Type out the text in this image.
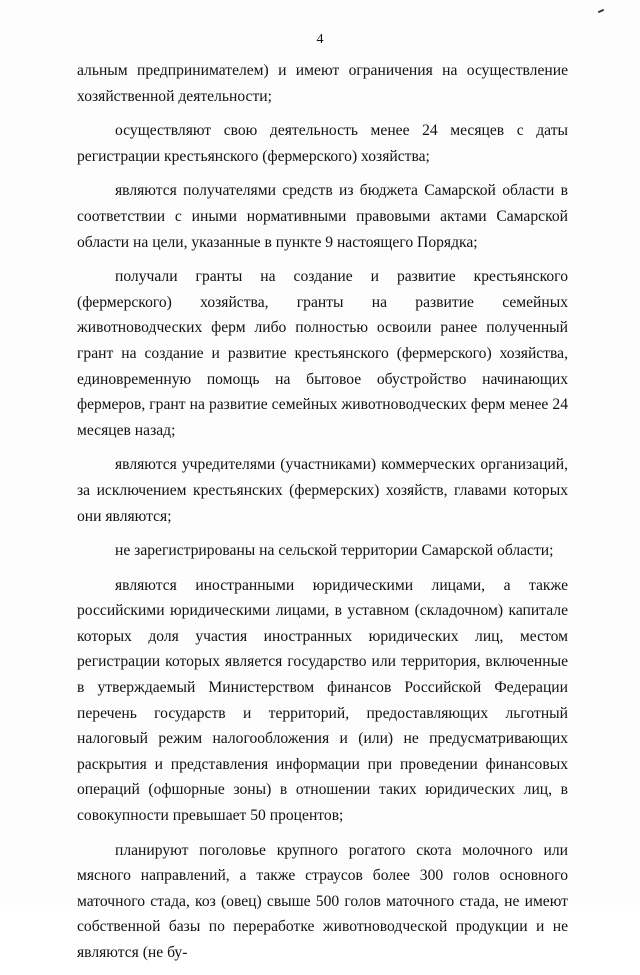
4

альным предпринимателем) и имеют ограничения на осуществление хозяйственной деятельности;

осуществляют свою деятельность менее 24 месяцев с даты регистрации крестьянского (фермерского) хозяйства;

являются получателями средств из бюджета Самарской области в соответствии с иными нормативными правовыми актами Самарской области на цели, указанные в пункте 9 настоящего Порядка;

получали гранты на создание и развитие крестьянского (фермерского) хозяйства, гранты на развитие семейных животноводческих ферм либо полностью освоили ранее полученный грант на создание и развитие крестьянского (фермерского) хозяйства, единовременную помощь на бытовое обустройство начинающих фермеров, грант на развитие семейных животноводческих ферм менее 24 месяцев назад;

являются учредителями (участниками) коммерческих организаций, за исключением крестьянских (фермерских) хозяйств, главами которых они являются;

не зарегистрированы на сельской территории Самарской области;

являются иностранными юридическими лицами, а также российскими юридическими лицами, в уставном (складочном) капитале которых доля участия иностранных юридических лиц, местом регистрации которых является государство или территория, включенные в утверждаемый Министерством финансов Российской Федерации перечень государств и территорий, предоставляющих льготный налоговый режим налогообложения и (или) не предусматривающих раскрытия и представления информации при проведении финансовых операций (офшорные зоны) в отношении таких юридических лиц, в совокупности превышает 50 процентов;

планируют поголовье крупного рогатого скота молочного или мясного направлений, а также страусов более 300 голов основного маточного стада, коз (овец) свыше 500 голов маточного стада, не имеют собственной базы по переработке животноводческой продукции и не являются (не бу-
